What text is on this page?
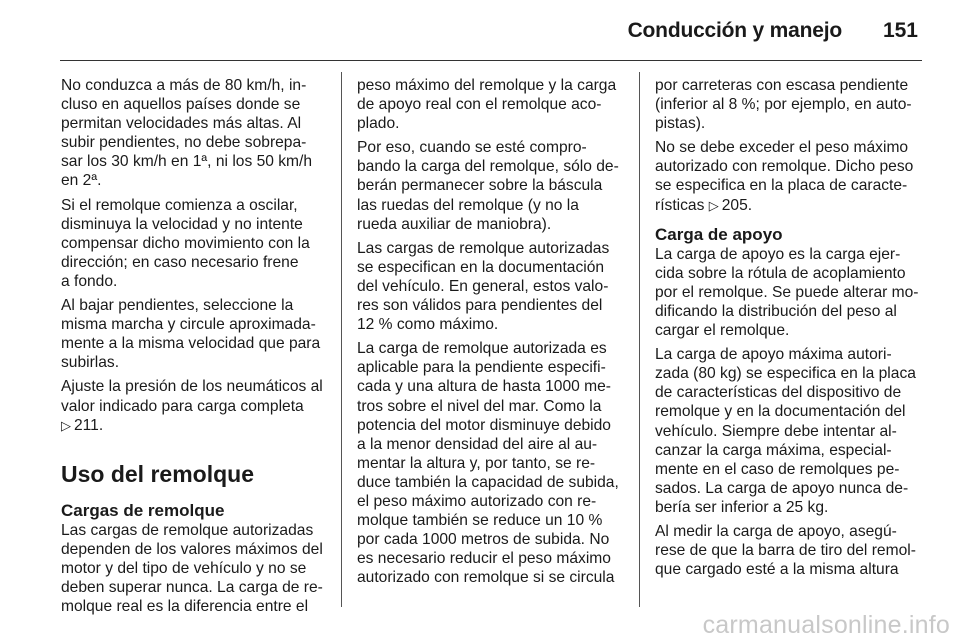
Conducción y manejo 151

No conduzca a más de 80 km/h, in-
cluso en aquellos países donde se
permitan velocidades más altas. Al
subir pendientes, no debe sobrepa-
sar los 30 km/h en 1ª, ni los 50 km/h
en 2ª.

Si el remolque comienza a oscilar,
disminuya la velocidad y no intente
compensar dicho movimiento con la
dirección; en caso necesario frene
a fondo.

Al bajar pendientes, seleccione la
misma marcha y circule aproximada-
mente a la misma velocidad que para
subirlas.

Ajuste la presión de los neumáticos al
valor indicado para carga completa
▷ 211.

Uso del remolque
Cargas de remolque

Las cargas de remolque autorizadas
dependen de los valores máximos del
motor y del tipo de vehículo y no se
deben superar nunca. La carga de re-
molque real es la diferencia entre el

peso máximo del remolque y la carga
de apoyo real con el remolque aco-
plado.

Por eso, cuando se esté compro-
bando la carga del remolque, sólo de-
berán permanecer sobre la báscula
las ruedas del remolque (y no la
rueda auxiliar de maniobra).

Las cargas de remolque autorizadas
se especifican en la documentación
del vehículo. En general, estos valo-
res son válidos para pendientes del
12 % como máximo.

La carga de remolque autorizada es
aplicable para la pendiente especifi-
cada y una altura de hasta 1000 me-
tros sobre el nivel del mar. Como la
potencia del motor disminuye debido
a la menor densidad del aire al au-
mentar la altura y, por tanto, se re-
duce también la capacidad de subida,
el peso máximo autorizado con re-
molque también se reduce un 10 %
por cada 1000 metros de subida. No
es necesario reducir el peso máximo
autorizado con remolque si se circula

por carreteras con escasa pendiente
(inferior al 8 %; por ejemplo, en auto-
pistas).

No se debe exceder el peso máximo
autorizado con remolque. Dicho peso
se especifica en la placa de caracte-
rísticas ▷ 205.

Carga de apoyo

La carga de apoyo es la carga ejer-
cida sobre la rótula de acoplamiento
por el remolque. Se puede alterar mo-
dificando la distribución del peso al
cargar el remolque.

La carga de apoyo máxima autori-
zada (80 kg) se especifica en la placa
de características del dispositivo de
remolque y en la documentación del
vehículo. Siempre debe intentar al-
canzar la carga máxima, especial-
mente en el caso de remolques pe-
sados. La carga de apoyo nunca de-
bería ser inferior a 25 kg.

Al medir la carga de apoyo, asegú-
rese de que la barra de tiro del remol-
que cargado esté a la misma altura

carmanualsonline.info
